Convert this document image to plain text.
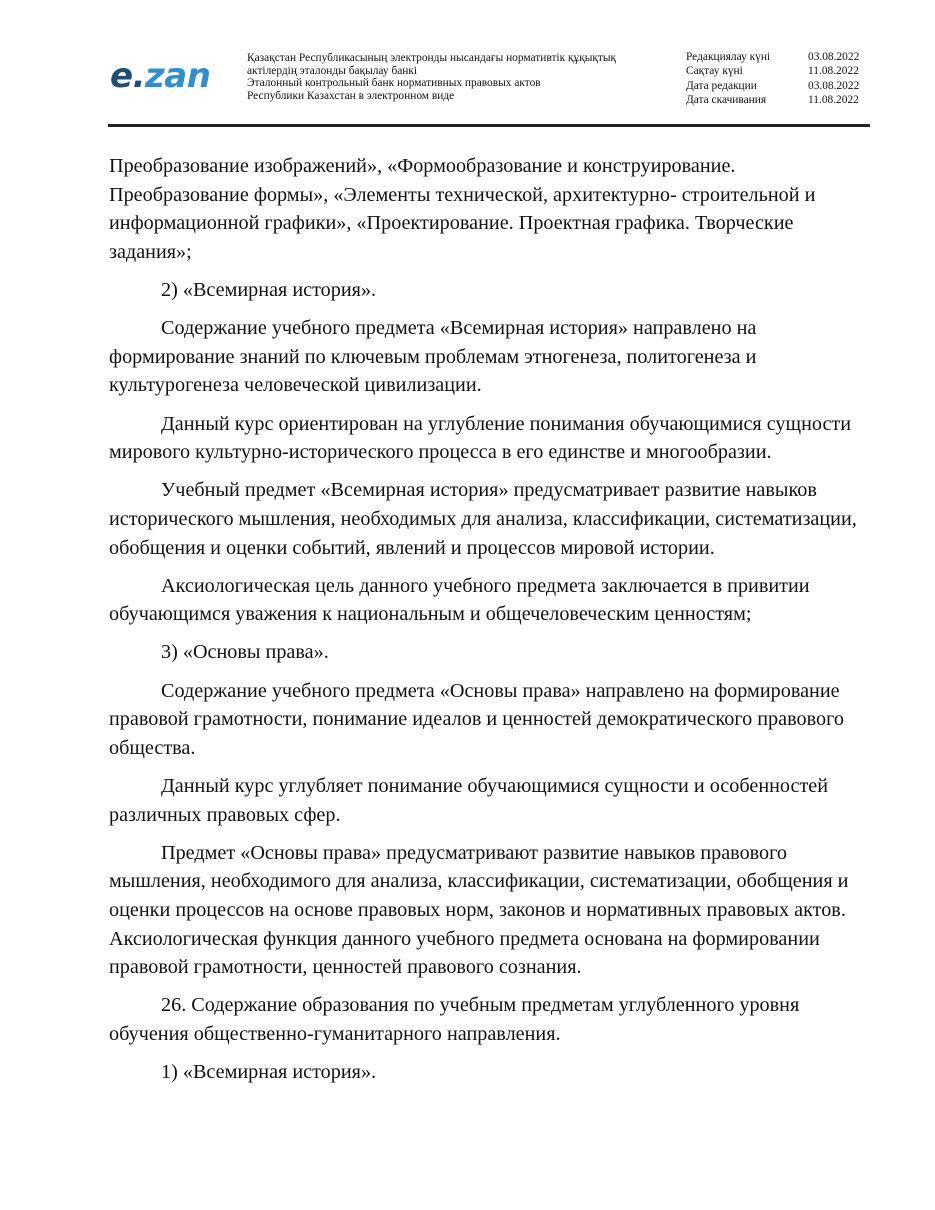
e.zan	Қазақстан Республикасының электронды нысандағы нормативтік құқықтық
актілердің эталонды бақылау банкі
Эталонный контрольный банк нормативных правовых актов
Республики Казахстан в электронном виде
Редакциялау күні	03.08.2022
Сақтау күні	11.08.2022
Дата редакции	03.08.2022
Дата скачивания	11.08.2022

Преобразование изображений», «Формообразование и конструирование. Преобразование формы», «Элементы технической, архитектурно- строительной и информационной графики», «Проектирование. Проектная графика. Творческие задания»;

2) «Всемирная история».

Содержание учебного предмета «Всемирная история» направлено на формирование знаний по ключевым проблемам этногенеза, политогенеза и культурогенеза человеческой цивилизации.

Данный курс ориентирован на углубление понимания обучающимися сущности мирового культурно-исторического процесса в его единстве и многообразии.

Учебный предмет «Всемирная история» предусматривает развитие навыков исторического мышления, необходимых для анализа, классификации, систематизации, обобщения и оценки событий, явлений и процессов мировой истории.

Аксиологическая цель данного учебного предмета заключается в привитии обучающимся уважения к национальным и общечеловеческим ценностям;

3) «Основы права».

Содержание учебного предмета «Основы права» направлено на формирование правовой грамотности, понимание идеалов и ценностей демократического правового общества.

Данный курс углубляет понимание обучающимися сущности и особенностей различных правовых сфер.

Предмет «Основы права» предусматривают развитие навыков правового мышления, необходимого для анализа, классификации, систематизации, обобщения и оценки процессов на основе правовых норм, законов и нормативных правовых актов. Аксиологическая функция данного учебного предмета основана на формировании правовой грамотности, ценностей правового сознания.

26. Содержание образования по учебным предметам углубленного уровня обучения общественно-гуманитарного направления.

1) «Всемирная история».
